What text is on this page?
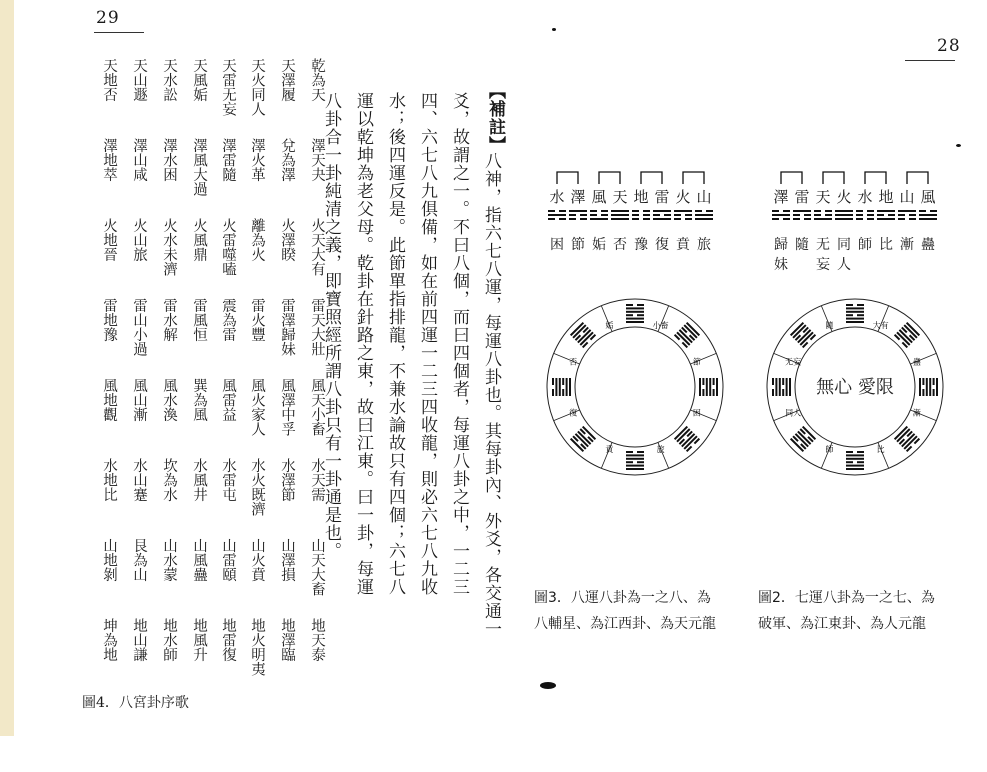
29
28
乾為天
澤天夬
火天大有
雷天大壯
風天小畜
水天需
山天大畜
地天泰
天澤履
兌為澤
火澤睽
雷澤歸妹
風澤中孚
水澤節
山澤損
地澤臨
天火同人
澤火革
離為火
雷火豐
風火家人
水火既濟
山火賁
地火明夷
天雷无妄
澤雷隨
火雷噬嗑
震為雷
風雷益
水雷屯
山雷頤
地雷復
天風姤
澤風大過
火風鼎
雷風恒
巽為風
水風井
山風蠱
地風升
天水訟
澤水困
火水未濟
雷水解
風水渙
坎為水
山水蒙
地水師
天山遯
澤山咸
火山旅
雷山小過
風山漸
水山蹇
艮為山
地山謙
天地否
澤地萃
火地晉
雷地豫
風地觀
水地比
山地剝
坤為地
圖4．八宮卦序歌
【補註】
八神，指六七八運，每運八卦也。其每卦內、外爻，各交通一
爻，故謂之一。不曰八個，而曰四個者，每運八卦之中，一二三
四、六七八九俱備，如在前四運一二三四收龍，則必六七八九收
水；後四運反是。此節單指排龍，不兼水論故只有四個；六七八
運以乾坤為老父母。乾卦在針路之東，故曰江東。曰一卦，每運
八卦合一卦純清之義，即寶照經所謂八卦只有一卦通是也。	水
困
澤
節
風
姤
天
否
地
豫
雷
復
火
賁
山
旅
小畜
節
困
旅
賁
復
否
姤
圖3．八運八卦為一之八、為
八輔星、為江西卦、為天元龍
澤
歸妹
雷
隨
天
无妄
火
同人
水
師
地
比
山
漸
風
蠱
大有
蠱
漸
比
師
同人
无妄
隨
無心 愛限
圖2．七運八卦為一之七、為
破軍、為江東卦、為人元龍
